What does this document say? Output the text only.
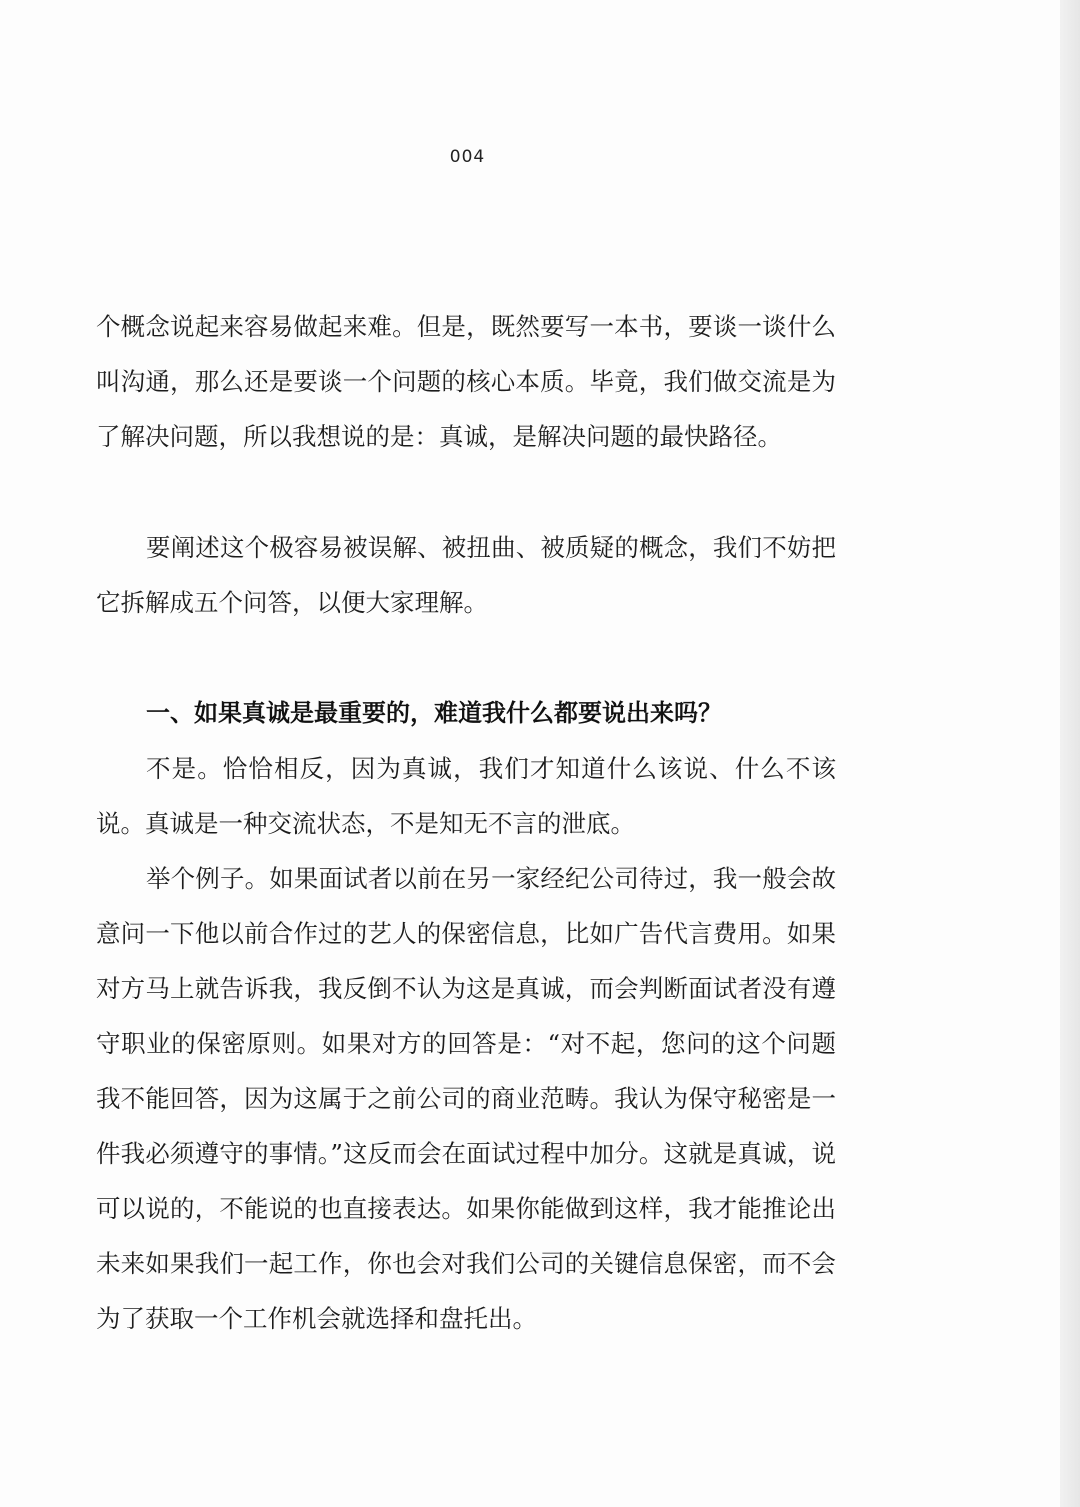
004

个概念说起来容易做起来难。但是，既然要写一本书，要谈一谈什么叫沟通，那么还是要谈一个问题的核心本质。毕竟，我们做交流是为了解决问题，所以我想说的是：真诚，是解决问题的最快路径。

要阐述这个极容易被误解、被扭曲、被质疑的概念，我们不妨把它拆解成五个问答，以便大家理解。

一、如果真诚是最重要的，难道我什么都要说出来吗？

不是。恰恰相反，因为真诚，我们才知道什么该说、什么不该说。真诚是一种交流状态，不是知无不言的泄底。

举个例子。如果面试者以前在另一家经纪公司待过，我一般会故意问一下他以前合作过的艺人的保密信息，比如广告代言费用。如果对方马上就告诉我，我反倒不认为这是真诚，而会判断面试者没有遵守职业的保密原则。如果对方的回答是：“对不起，您问的这个问题我不能回答，因为这属于之前公司的商业范畴。我认为保守秘密是一件我必须遵守的事情。”这反而会在面试过程中加分。这就是真诚，说可以说的，不能说的也直接表达。如果你能做到这样，我才能推论出未来如果我们一起工作，你也会对我们公司的关键信息保密，而不会为了获取一个工作机会就选择和盘托出。
